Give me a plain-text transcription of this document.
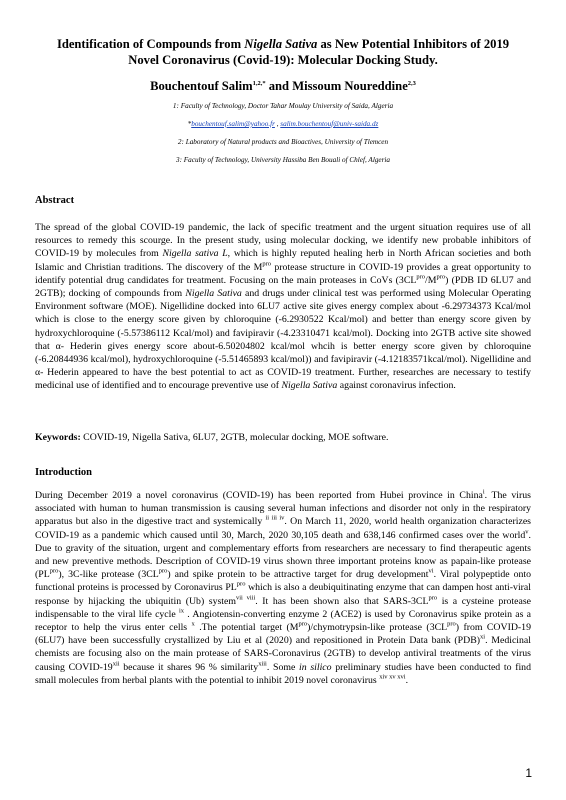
Identification of Compounds from Nigella Sativa as New Potential Inhibitors of 2019
Novel Coronavirus (Covid-19): Molecular Docking Study.
Bouchentouf Salim$^{1,2,*}$ and Missoum Noureddine$^{2,3}$
1: Faculty of Technology, Doctor Tahar Moulay University of Saida, Algeria
*bouchentouf.salim@yahoo.fr , salim.bouchentouf@univ-saida.dz
2: Laboratory of Natural products and Bioactives, University of Tlemcen
3: Faculty of Technology, University Hassiba Ben Bouali of Chlef, Algeria
Abstract
The spread of the global COVID-19 pandemic, the lack of specific treatment and the urgent situation requires use of all resources to remedy this scourge. In the present study, using molecular docking, we identify new probable inhibitors of COVID-19 by molecules from Nigella sativa L, which is highly reputed healing herb in North African societies and both Islamic and Christian traditions. The discovery of the $M^{pro}$ protease structure in COVID-19 provides a great opportunity to identify potential drug candidates for treatment. Focusing on the main proteases in CoVs $(3CL^{pro}/M^{pro})$ (PDB ID 6LU7 and 2GTB); docking of compounds from Nigella Sativa and drugs under clinical test was performed using Molecular Operating Environment software (MOE). Nigellidine docked into 6LU7 active site gives energy complex about -6.29734373 Kcal/mol which is close to the energy score given by chloroquine (-6.2930522 Kcal/mol) and better than energy score given by hydroxychloroquine (-5.57386112 Kcal/mol) and favipiravir (-4.23310471 kcal/mol). Docking into 2GTB active site showed that α- Hederin gives energy score about-6.50204802 kcal/mol whcih is better energy score given by chloroquine (-6.20844936 kcal/mol), hydroxychloroquine (-5.51465893 kcal/mol)) and favipiravir (-4.12183571kcal/mol). Nigellidine and α- Hederin appeared to have the best potential to act as COVID-19 treatment. Further, researches are necessary to testify medicinal use of identified and to encourage preventive use of Nigella Sativa against coronavirus infection.
Keywords: COVID-19, Nigella Sativa, 6LU7, 2GTB, molecular docking, MOE software.
Introduction
During December 2019 a novel coronavirus (COVID-19) has been reported from Hubei province in China$^i$. The virus associated with human to human transmission is causing several human infections and disorder not only in the respiratory apparatus but also in the digestive tract and systemically $^{ii iii iv}$. On March 11, 2020, world health organization characterizes COVID-19 as a pandemic which caused until 30, March, 2020 30,105 death and 638,146 confirmed cases over the world$^v$. Due to gravity of the situation, urgent and complementary efforts from researchers are necessary to find therapeutic agents and new preventive methods. Description of COVID-19 virus shown three important proteins know as papain-like protease $(PL^{pro})$, 3C-like protease $(3CL^{pro})$ and spike protein to be attractive target for drug development$^{vi}$. Viral polypeptide onto functional proteins is processed by Coronavirus $PL^{pro}$ which is also a deubiquitinating enzyme that can dampen host anti-viral response by hijacking the ubiquitin (Ub) system$^{vii viii}$. It has been shown also that SARS-$3CL^{pro}$ is a cysteine protease indispensable to the viral life cycle $^{ix}$ . Angiotensin-converting enzyme 2 (ACE2) is used by Coronavirus spike protein as a receptor to help the virus enter cells $^x$ .The potential target $(M^{pro})/chymotrypsin$-like protease $(3CL^{pro})$ from COVID-19 (6LU7) have been successfully crystallized by Liu et al (2020) and repositioned in Protein Data bank (PDB)$^{xi}$. Medicinal chemists are focusing also on the main protease of SARS-Coronavirus (2GTB) to develop antiviral treatments of the virus causing COVID-19$^{xii}$ because it shares 96 % similarity$^{xiii}$. Some in silico preliminary studies have been conducted to find small molecules from herbal plants with the potential to inhibit 2019 novel coronavirus $^{xiv xv xvi}$.
1
